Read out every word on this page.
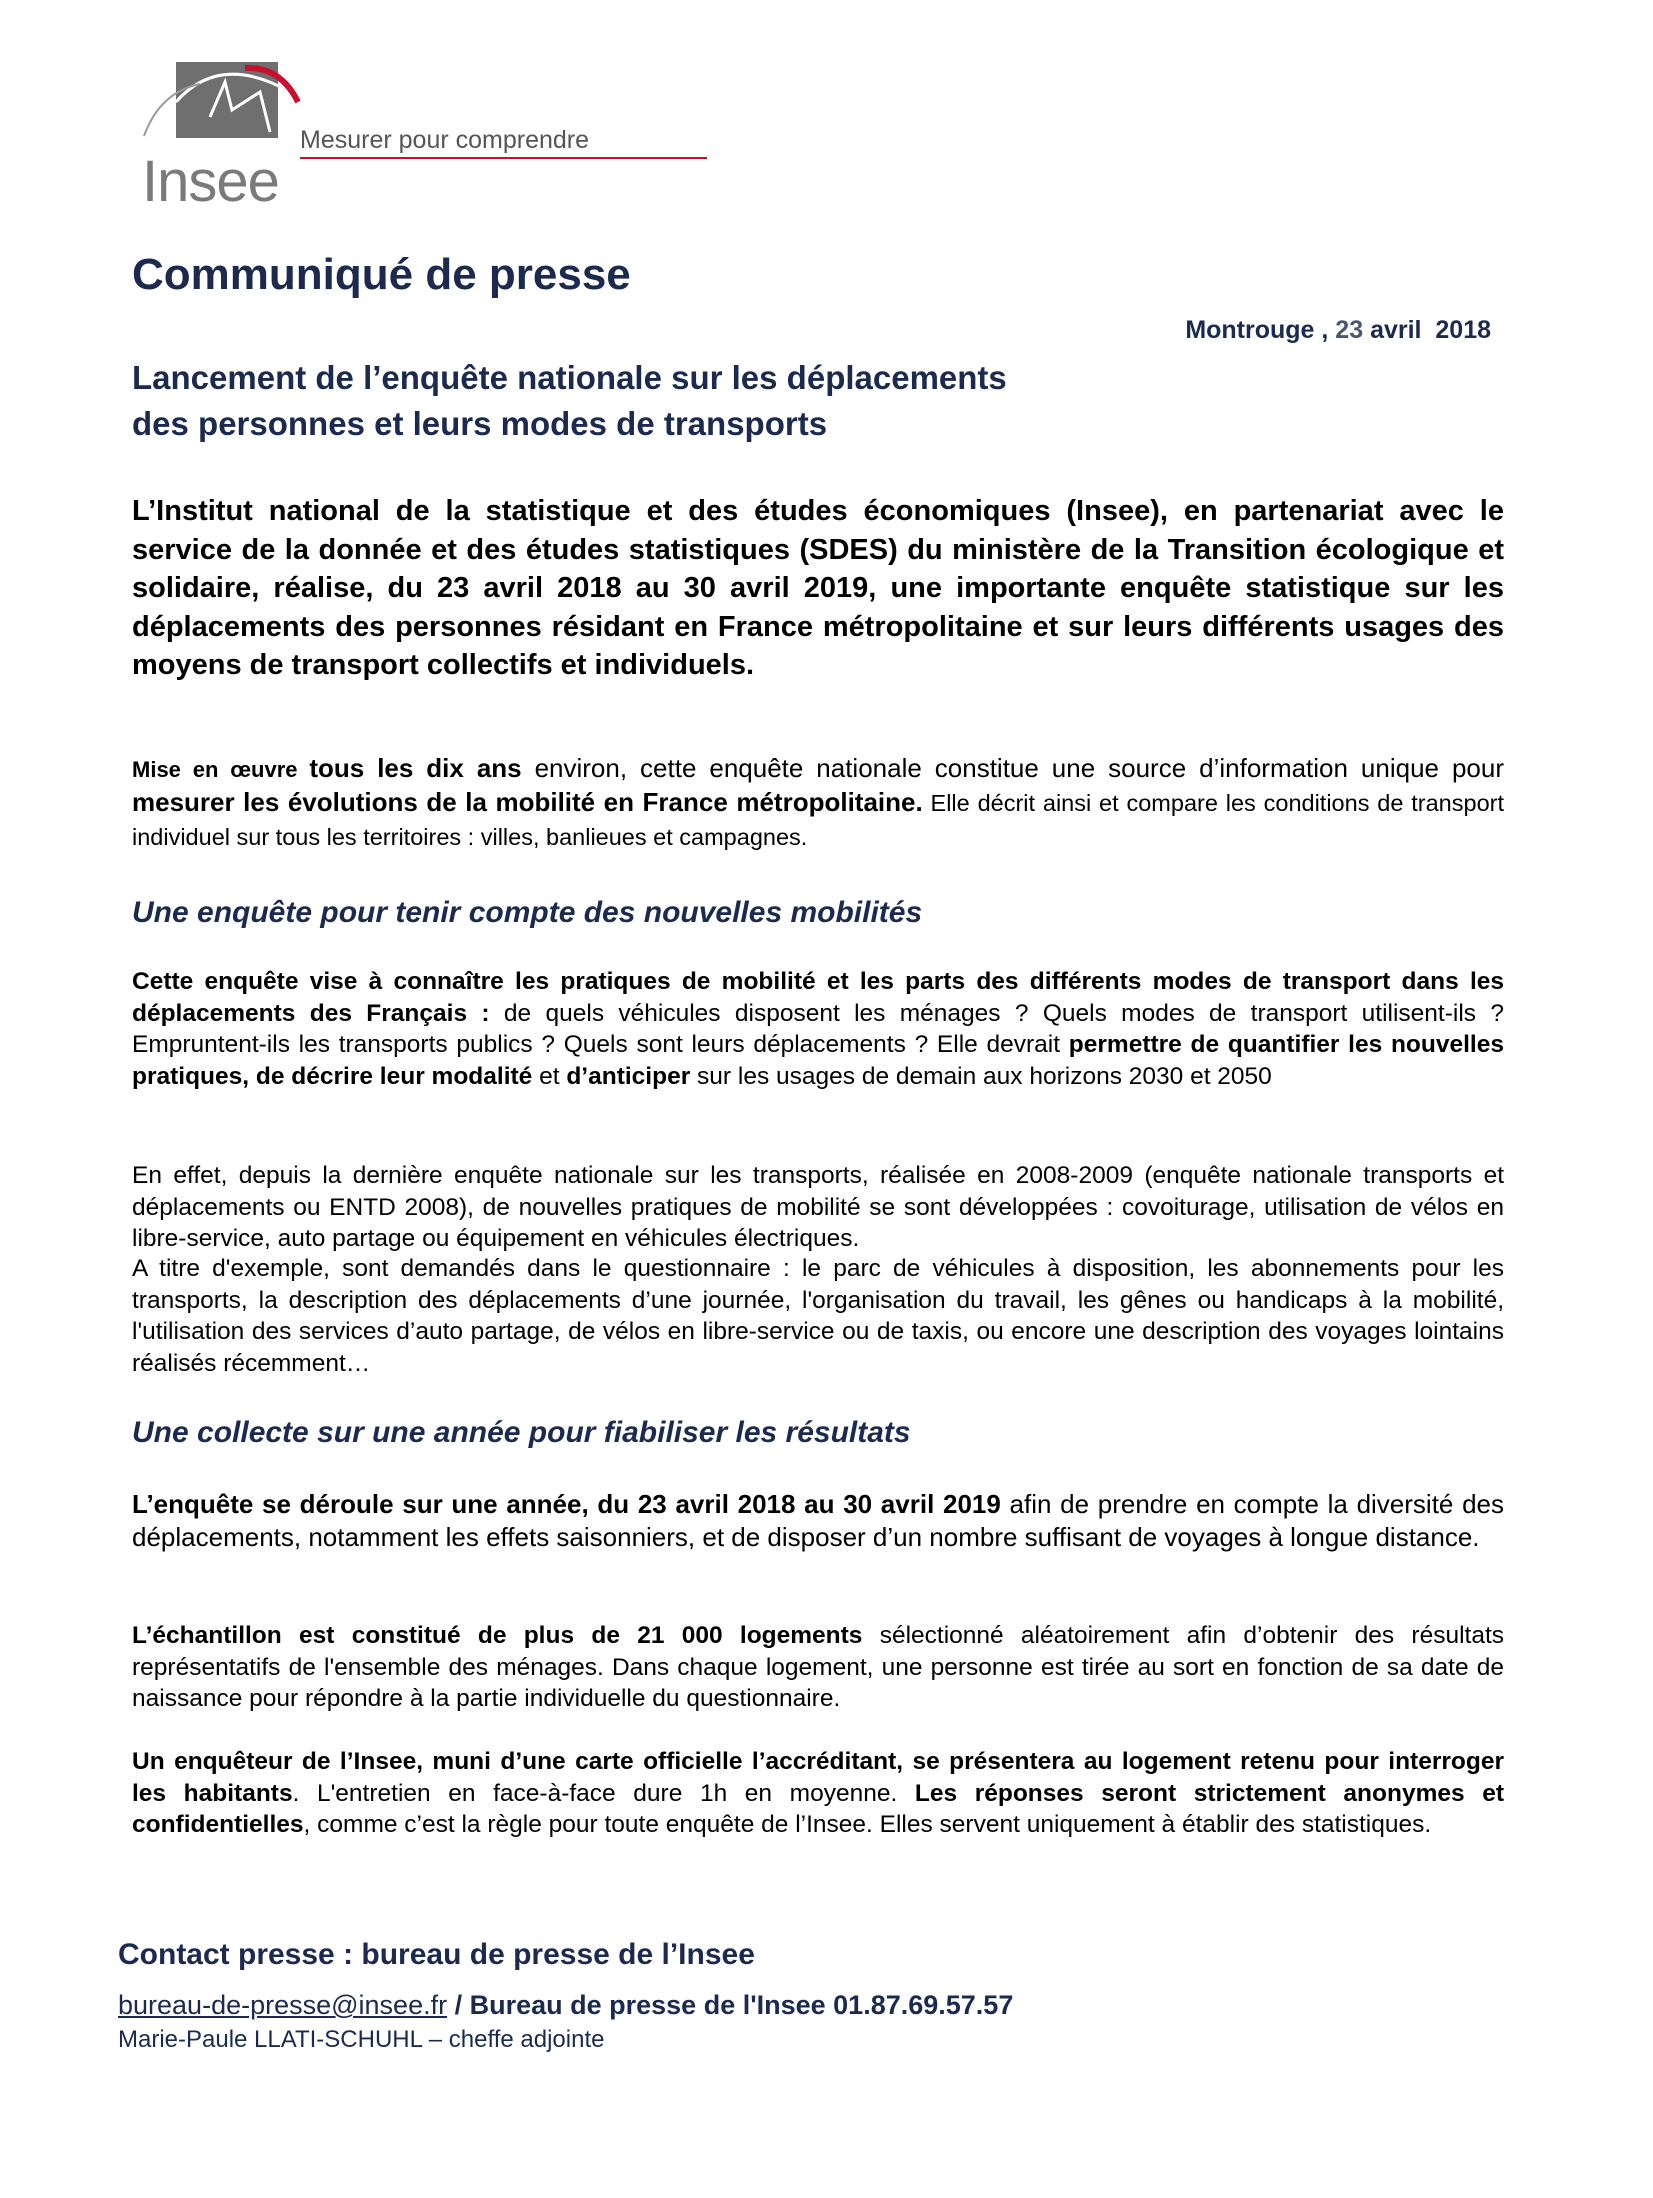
Insee
Mesurer pour comprendre
Communiqué de presse
Montrouge , 23 avril  2018
Lancement de l’enquête nationale sur les déplacements
des personnes et leurs modes de transports

L’Institut national de la statistique et des études économiques (Insee), en partenariat avec le service de la donnée et des études statistiques (SDES) du ministère de la Transition écologique et solidaire, réalise, du 23 avril 2018 au 30 avril 2019, une importante enquête statistique sur les déplacements des personnes résidant en France métropolitaine et sur leurs différents usages des moyens de transport collectifs et individuels.

Mise en œuvre tous les dix ans environ, cette enquête nationale constitue une source d’information unique pour mesurer les évolutions de la mobilité en France métropolitaine. Elle décrit ainsi et compare les conditions de transport individuel sur tous les territoires : villes, banlieues et campagnes.

Une enquête pour tenir compte des nouvelles mobilités

Cette enquête vise à connaître les pratiques de mobilité et les parts des différents modes de transport dans les déplacements des Français : de quels véhicules disposent les ménages ? Quels modes de transport utilisent-ils ? Empruntent-ils les transports publics ? Quels sont leurs déplacements ? Elle devrait permettre de quantifier les nouvelles pratiques, de décrire leur modalité et d’anticiper sur les usages de demain aux horizons 2030 et 2050

En effet, depuis la dernière enquête nationale sur les transports, réalisée en 2008-2009 (enquête nationale transports et déplacements ou ENTD 2008), de nouvelles pratiques de mobilité se sont développées : covoiturage, utilisation de vélos en libre-service, auto partage ou équipement en véhicules électriques.

A titre d'exemple, sont demandés dans le questionnaire : le parc de véhicules à disposition, les abonnements pour les transports, la description des déplacements d’une journée, l'organisation du travail, les gênes ou handicaps à la mobilité, l'utilisation des services d’auto partage, de vélos en libre-service ou de taxis, ou encore une description des voyages lointains réalisés récemment…

Une collecte sur une année pour fiabiliser les résultats

L’enquête se déroule sur une année, du 23 avril 2018 au 30 avril 2019 afin de prendre en compte la diversité des déplacements, notamment les effets saisonniers, et de disposer d’un nombre suffisant de voyages à longue distance.

L’échantillon est constitué de plus de 21 000 logements sélectionné aléatoirement afin d’obtenir des résultats représentatifs de l'ensemble des ménages. Dans chaque logement, une personne est tirée au sort en fonction de sa date de naissance pour répondre à la partie individuelle du questionnaire.

Un enquêteur de l’Insee, muni d’une carte officielle l’accréditant, se présentera au logement retenu pour interroger les habitants. L'entretien en face-à-face dure 1h en moyenne. Les réponses seront strictement anonymes et confidentielles, comme c’est la règle pour toute enquête de l’Insee. Elles servent uniquement à établir des statistiques.

Contact presse : bureau de presse de l’Insee
bureau-de-presse@insee.fr / Bureau de presse de l'Insee 01.87.69.57.57
Marie-Paule LLATI-SCHUHL – cheffe adjointe
